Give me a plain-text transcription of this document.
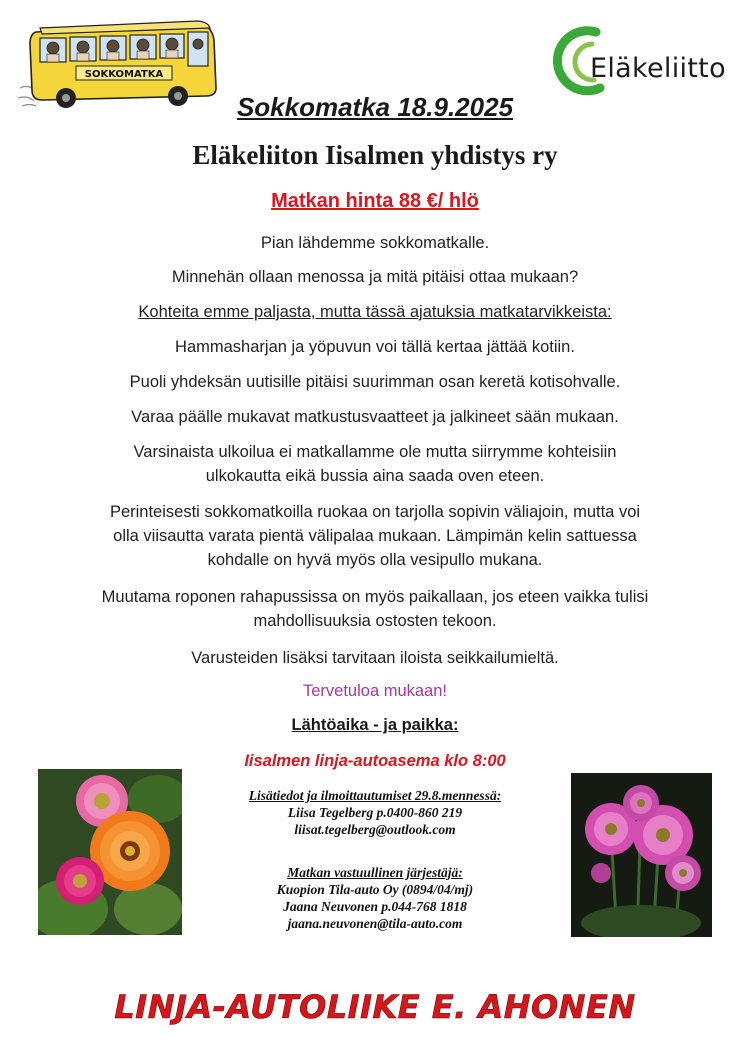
SOKKOMATKA	Eläkeliitto
Sokkomatka 18.9.2025
Eläkeliiton Iisalmen yhdistys ry
Matkan hinta 88 €/ hlö
Pian lähdemme sokkomatkalle.
Minnehän ollaan menossa ja mitä pitäisi ottaa mukaan?
Kohteita emme paljasta, mutta tässä ajatuksia matkatarvikkeista:
Hammasharjan ja yöpuvun voi tällä kertaa jättää kotiin.
Puoli yhdeksän uutisille pitäisi suurimman osan keretä kotisohvalle.
Varaa päälle mukavat matkustusvaatteet ja jalkineet sään mukaan.
Varsinaista ulkoilua ei matkallamme ole mutta siirrymme kohteisiin
ulkokautta eikä bussia aina saada oven eteen.
Perinteisesti sokkomatkoilla ruokaa on tarjolla sopivin väliajoin, mutta voi
olla viisautta varata pientä välipalaa mukaan. Lämpimän kelin sattuessa
kohdalle on hyvä myös olla vesipullo mukana.
Muutama roponen rahapussissa on myös paikallaan, jos eteen vaikka tulisi
mahdollisuuksia ostosten tekoon.
Varusteiden lisäksi tarvitaan iloista seikkailumieltä.
Tervetuloa mukaan!
Lähtöaika - ja paikka:
Iisalmen linja-autoasema klo 8:00
Lisätiedot ja ilmoittautumiset 29.8.mennessä:
Liisa Tegelberg p.0400-860 219
liisat.tegelberg@outlook.com
Matkan vastuullinen järjestäjä:
Kuopion Tila-auto Oy (0894/04/mj)
Jaana Neuvonen p.044-768 1818
jaana.neuvonen@tila-auto.com
LINJA-AUTOLIIKE E. AHONEN
